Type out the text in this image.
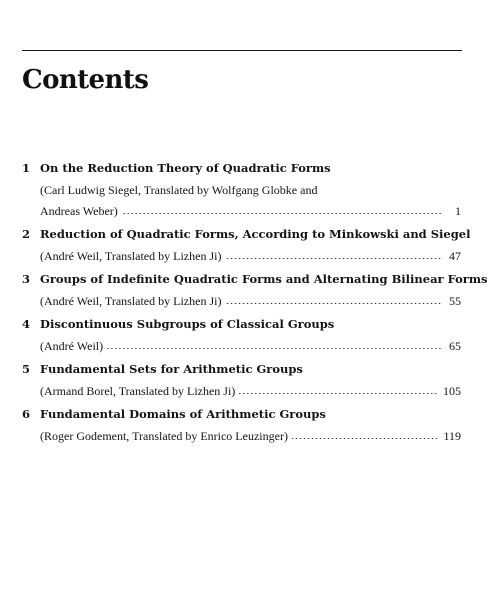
Contents
1 On the Reduction Theory of Quadratic Forms
(Carl Ludwig Siegel, Translated by Wolfgang Globke and
Andreas Weber)	1
2 Reduction of Quadratic Forms, According to Minkowski and Siegel
(André Weil, Translated by Lizhen Ji)	47
3 Groups of Indefinite Quadratic Forms and Alternating Bilinear Forms
(André Weil, Translated by Lizhen Ji)	55
4 Discontinuous Subgroups of Classical Groups
(André Weil)	65
5 Fundamental Sets for Arithmetic Groups
(Armand Borel, Translated by Lizhen Ji)	105
6 Fundamental Domains of Arithmetic Groups
(Roger Godement, Translated by Enrico Leuzinger)	119
